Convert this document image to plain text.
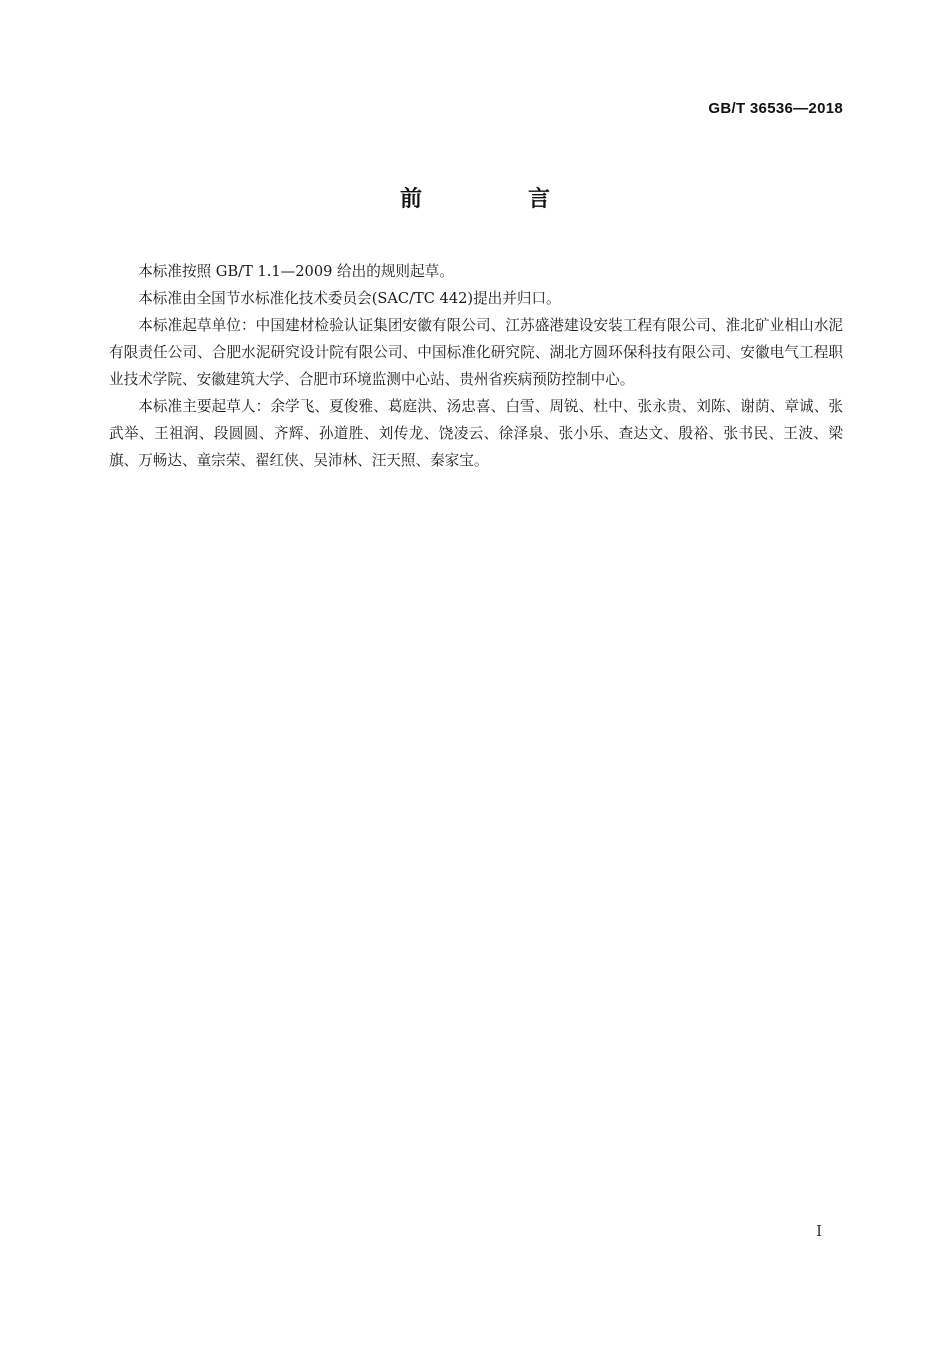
GB/T 36536—2018
前　言

本标准按照 GB/T 1.1—2009 给出的规则起草。

本标准由全国节水标准化技术委员会(SAC/TC 442)提出并归口。

本标准起草单位：中国建材检验认证集团安徽有限公司、江苏盛港建设安装工程有限公司、淮北矿业相山水泥有限责任公司、合肥水泥研究设计院有限公司、中国标准化研究院、湖北方圆环保科技有限公司、安徽电气工程职业技术学院、安徽建筑大学、合肥市环境监测中心站、贵州省疾病预防控制中心。

本标准主要起草人：余学飞、夏俊雅、葛庭洪、汤忠喜、白雪、周锐、杜中、张永贵、刘陈、谢荫、章诚、张武举、王祖润、段圆圆、齐辉、孙道胜、刘传龙、饶凌云、徐泽泉、张小乐、查达文、殷裕、张书民、王波、梁旗、万畅达、童宗荣、翟红侠、吴沛林、汪天照、秦家宝。

I
